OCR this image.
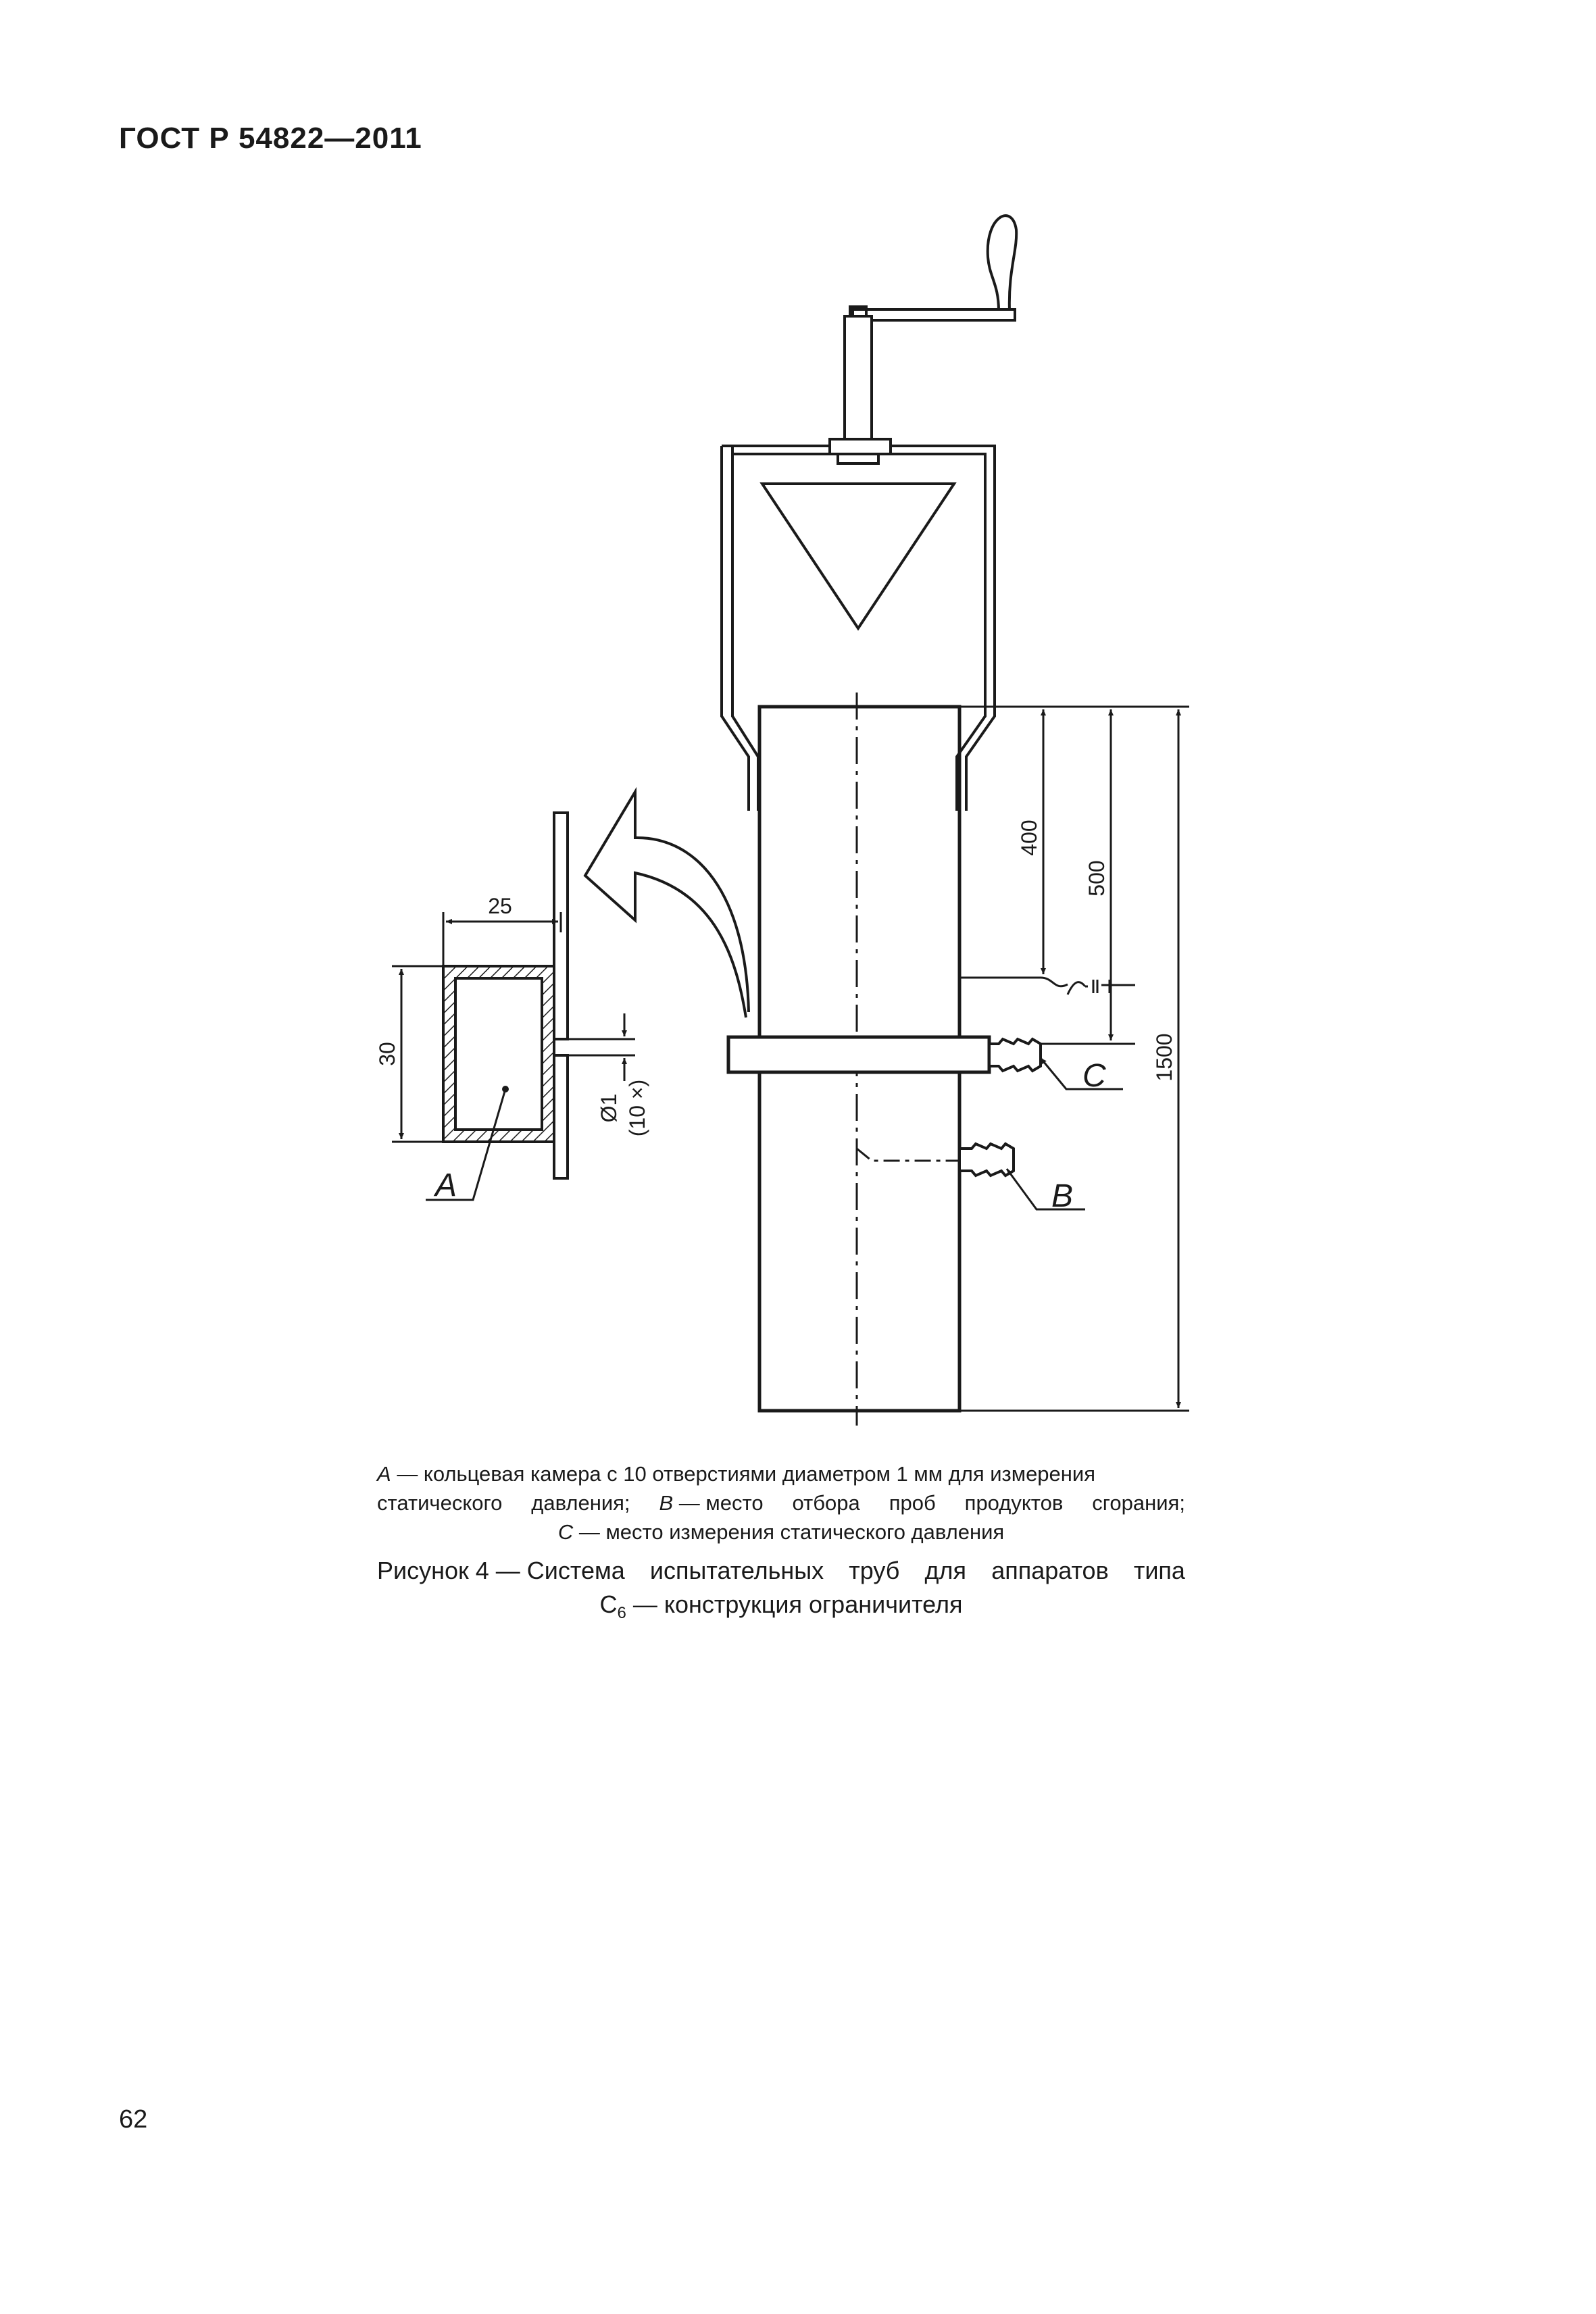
ГОСТ Р 54822—2011
C
B
400
500
1500
25
30
Ø1 (10 ×)
A
A — кольцевая камера с 10 отверстиями диаметром 1 мм для измерения
статического давления; B — место отбора проб продуктов сгорания;
C — место измерения статического давления
Рисунок 4 — Система испытательных труб для аппаратов типа
$C_6$ — конструкция ограничителя
62
